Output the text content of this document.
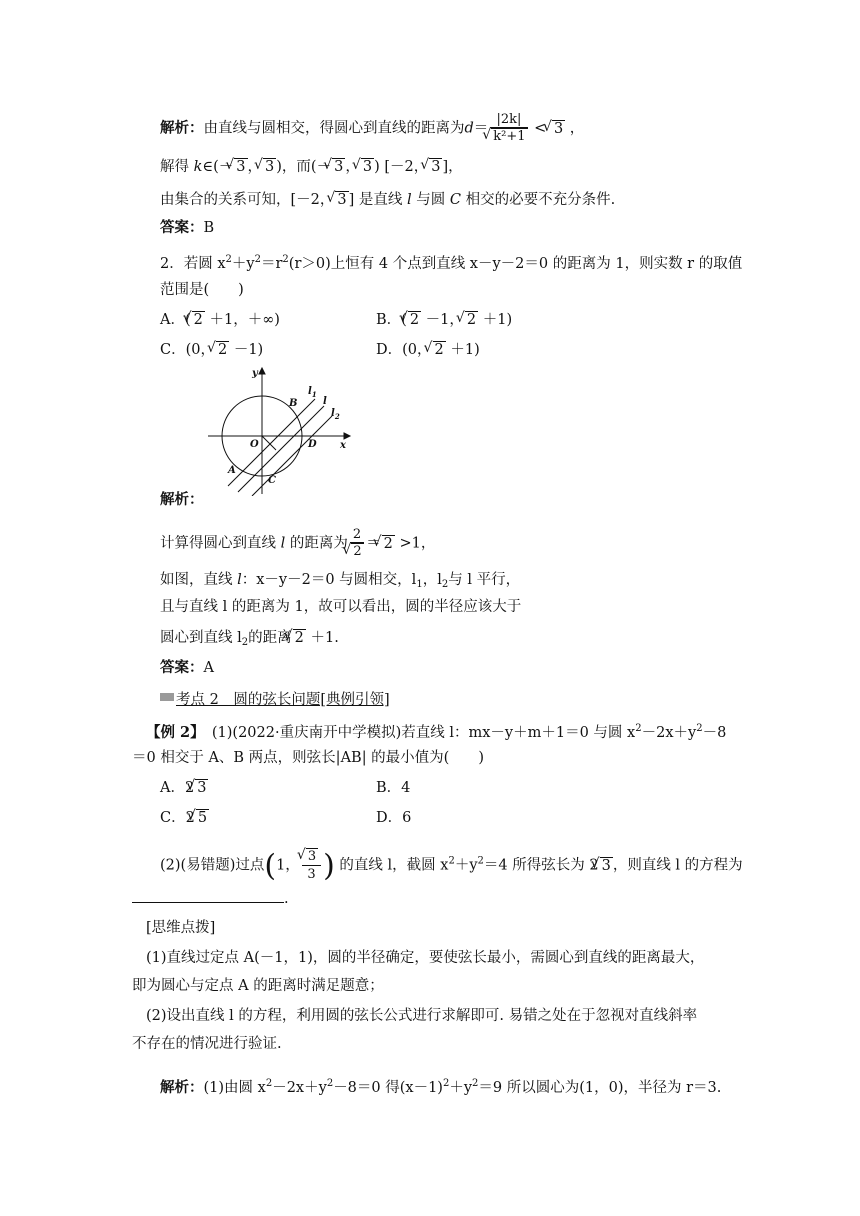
解析：由直线与圆相交，得圆心到直线的距离为d＝ |2k|
√ k²+1 < √ 3 ，
解得 k∈(－ √ 3 ， √ 3 )，而(－ √ 3 ， √ 3 ) [－2， √ 3 ]，
由集合的关系可知，[－2， √ 3 ] 是直线 l 与圆 C 相交的必要不充分条件.
答案：B
2．若圆 $x^2+y^2=r^2(r>0)$上恒有 4 个点到直线 x－y－2＝0 的距离为 1，则实数 r 的取值
范围是(　　)
A．( √ 2 ＋1，＋∞)	B．( √ 2 －1， √ 2 ＋1)
C．(0， √ 2 －1)	D．(0， √ 2 ＋1)
y
x
O	D
B
A
C
$l_1$
l
$l_2$
解析：
计算得圆心到直线 l 的距离为 2
√ 2 ＝ √ 2 >1，
如图，直线 l：x－y－2＝0 与圆相交，$l_1$，$l_2$与 l 平行，
且与直线 l 的距离为 1，故可以看出，圆的半径应该大于
圆心到直线 $l_2$的距离 √ 2 ＋1.
答案：A
考点 2　圆的弦长问题[典例引领]
【例 2】　(1)(2022·重庆南开中学模拟)若直线 l：mx－y＋m＋1＝0 与圆 $x^2-2x+y^2-8$
＝0 相交于 A、B 两点，则弦长|AB| 的最小值为(　　)
A．2 √ 3	B．4
C．2 √ 5	D．6
(2)(易错题)过点(1， √ $\frac{3}{3}$ ) 的直线 l，截圆 $x^2+y^2=4$ 所得弦长为 2 √ 3 ，则直线 l 的方程为
.
[思维点拨]
(1)直线过定点 A(－1，1)，圆的半径确定，要使弦长最小，需圆心到直线的距离最大，
即为圆心与定点 A 的距离时满足题意；
(2)设出直线 l 的方程，利用圆的弦长公式进行求解即可. 易错之处在于忽视对直线斜率
不存在的情况进行验证.
解析：(1)由圆 $x^2-2x+y^2-8=0$ 得$(x-1)^2+y^2=9$ 所以圆心为(1，0)，半径为 r＝3.
